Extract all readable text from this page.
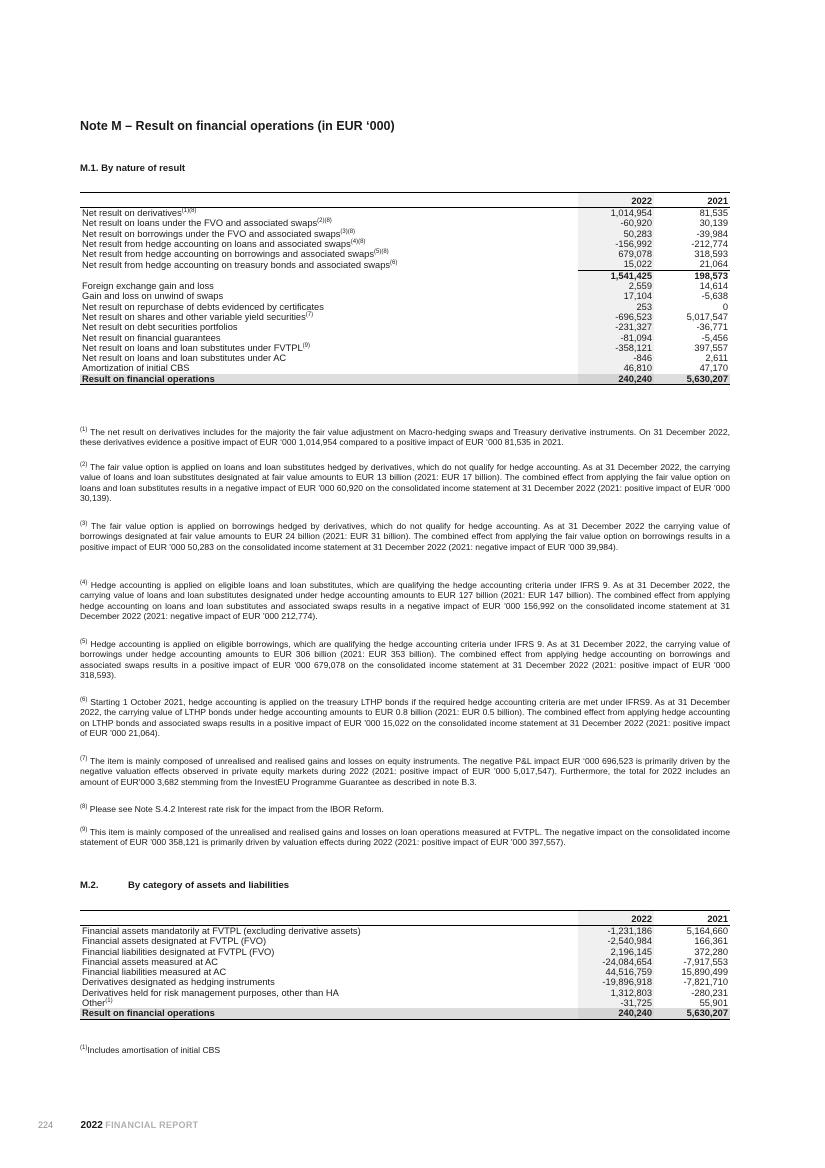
Note M – Result on financial operations (in EUR ‘000)
M.1. By nature of result
	2022	2021
Net result on derivatives$^{(1)(8)}$	1,014,954	81,535
Net result on loans under the FVO and associated swaps$^{(2)(8)}$	-60,920	30,139
Net result on borrowings under the FVO and associated swaps$^{(3)(8)}$	50,283	-39,984
Net result from hedge accounting on loans and associated swaps$^{(4)(8)}$	-156,992	-212,774
Net result from hedge accounting on borrowings and associated swaps$^{(5)(8)}$	679,078	318,593
Net result from hedge accounting on treasury bonds and associated swaps$^{(6)}$	15,022	21,064
	1,541,425	198,573
Foreign exchange gain and loss	2,559	14,614
Gain and loss on unwind of swaps	17,104	-5,638
Net result on repurchase of debts evidenced by certificates	253	0
Net result on shares and other variable yield securities$^{(7)}$	-696,523	5,017,547
Net result on debt securities portfolios	-231,327	-36,771
Net result on financial guarantees	-81,094	-5,456
Net result on loans and loan substitutes under FVTPL$^{(9)}$	-358,121	397,557
Net result on loans and loan substitutes under AC	-846	2,611
Amortization of initial CBS	46,810	47,170
Result on financial operations	240,240	5,630,207

$^{(1)}$ The net result on derivatives includes for the majority the fair value adjustment on Macro-hedging swaps and Treasury derivative instruments. On 31 December 2022, these derivatives evidence a positive impact of EUR ‘000 1,014,954 compared to a positive impact of EUR ‘000 81,535 in 2021.

$^{(2)}$ The fair value option is applied on loans and loan substitutes hedged by derivatives, which do not qualify for hedge accounting. As at 31 December 2022, the carrying value of loans and loan substitutes designated at fair value amounts to EUR 13 billion (2021: EUR 17 billion). The combined effect from applying the fair value option on loans and loan substitutes results in a negative impact of EUR '000 60,920 on the consolidated income statement at 31 December 2022 (2021: positive impact of EUR ’000 30,139).

$^{(3)}$ The fair value option is applied on borrowings hedged by derivatives, which do not qualify for hedge accounting. As at 31 December 2022 the carrying value of borrowings designated at fair value amounts to EUR 24 billion (2021: EUR 31 billion). The combined effect from applying the fair value option on borrowings results in a positive impact of EUR '000 50,283 on the consolidated income statement at 31 December 2022 (2021: negative impact of EUR ’000 39,984).

$^{(4)}$ Hedge accounting is applied on eligible loans and loan substitutes, which are qualifying the hedge accounting criteria under IFRS 9. As at 31 December 2022, the carrying value of loans and loan substitutes designated under hedge accounting amounts to EUR 127 billion (2021: EUR 147 billion). The combined effect from applying hedge accounting on loans and loan substitutes and associated swaps results in a negative impact of EUR '000 156,992 on the consolidated income statement at 31 December 2022 (2021: negative impact of EUR '000 212,774).

$^{(5)}$ Hedge accounting is applied on eligible borrowings, which are qualifying the hedge accounting criteria under IFRS 9. As at 31 December 2022, the carrying value of borrowings under hedge accounting amounts to EUR 306 billion (2021: EUR 353 billion). The combined effect from applying hedge accounting on borrowings and associated swaps results in a positive impact of EUR '000 679,078 on the consolidated income statement at 31 December 2022 (2021: positive impact of EUR '000 318,593).

$^{(6)}$ Starting 1 October 2021, hedge accounting is applied on the treasury LTHP bonds if the required hedge accounting criteria are met under IFRS9. As at 31 December 2022, the carrying value of LTHP bonds under hedge accounting amounts to EUR 0.8 billion (2021: EUR 0.5 billion). The combined effect from applying hedge accounting on LTHP bonds and associated swaps results in a positive impact of EUR '000 15,022 on the consolidated income statement at 31 December 2022 (2021: positive impact of EUR '000 21,064).

$^{(7)}$ The item is mainly composed of unrealised and realised gains and losses on equity instruments. The negative P&L impact EUR ‘000 696,523 is primarily driven by the negative valuation effects observed in private equity markets during 2022 (2021: positive impact of EUR '000 5,017,547). Furthermore, the total for 2022 includes an amount of EUR'000 3,682 stemming from the InvestEU Programme Guarantee as described in note B.3.

$^{(8)}$ Please see Note S.4.2 Interest rate risk for the impact from the IBOR Reform.

$^{(9)}$ This item is mainly composed of the unrealised and realised gains and losses on loan operations measured at FVTPL. The negative impact on the consolidated income statement of EUR '000 358,121 is primarily driven by valuation effects during 2022 (2021: positive impact of EUR '000 397,557).

M.2.	By category of assets and liabilities
	2022	2021
Financial assets mandatorily at FVTPL (excluding derivative assets)	-1,231,186	5,164,660
Financial assets designated at FVTPL (FVO)	-2,540,984	166,361
Financial liabilities designated at FVTPL (FVO)	2,196,145	372,280
Financial assets measured at AC	-24,084,654	-7,917,553
Financial liabilities measured at AC	44,516,759	15,890,499
Derivatives designated as hedging instruments	-19,896,918	-7,821,710
Derivatives held for risk management purposes, other than HA	1,312,803	-280,231
Other$^{(1)}$	-31,725	55,901
Result on financial operations	240,240	5,630,207

$^{(1)}$Includes amortisation of initial CBS

224	2022 FINANCIAL REPORT
